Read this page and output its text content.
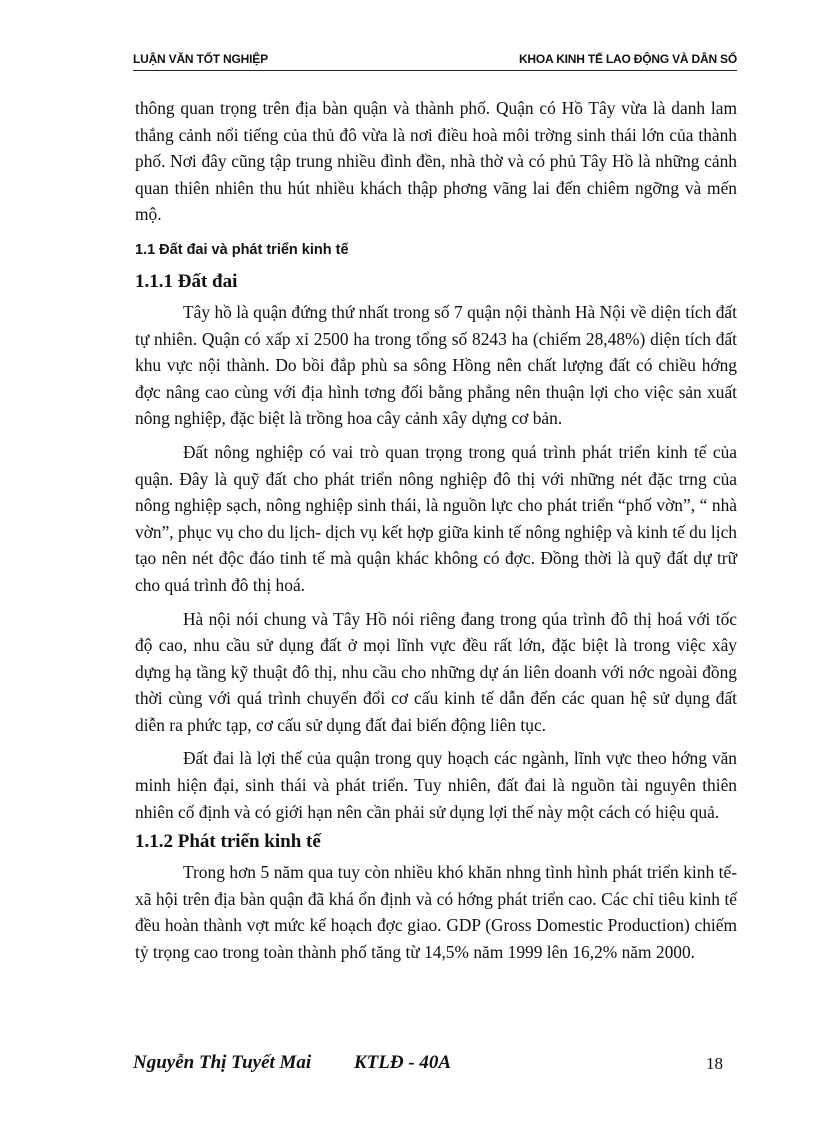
LUẬN VĂN TỐT NGHIỆP	KHOA KINH TẾ LAO ĐỘNG VÀ DÂN SỐ

thông quan trọng trên địa bàn quận và thành phố. Quận có Hồ Tây vừa là danh lam thắng cảnh nổi tiếng của thủ đô vừa là nơi điều hoà môi trờng sinh thái lớn của thành phố. Nơi đây cũng tập trung nhiều đình đền, nhà thờ và có phủ Tây Hồ là những cảnh quan thiên nhiên thu hút nhiều khách thập phơng vãng lai đến chiêm ngỡng và mến mộ.

1.1 Đất đai và phát triển kinh tế
1.1.1 Đất đai

Tây hồ là quận đứng thứ nhất trong số 7 quận nội thành Hà Nội về diện tích đất tự nhiên. Quận có xấp xỉ 2500 ha trong tổng số 8243 ha (chiếm 28,48%) diện tích đất khu vực nội thành. Do bồi đắp phù sa sông Hồng nên chất lượng đất có chiều hớng đợc nâng cao cùng với địa hình tơng đối bằng phẳng nên thuận lợi cho việc sản xuất nông nghiệp, đặc biệt là trồng hoa cây cảnh xây dựng cơ bản.

Đất nông nghiệp có vai trò quan trọng trong quá trình phát triển kinh tế của quận. Đây là quỹ đất cho phát triển nông nghiệp đô thị với những nét đặc trng của nông nghiệp sạch, nông nghiệp sinh thái, là nguồn lực cho phát triển “phố vờn”, “ nhà vờn”, phục vụ cho du lịch- dịch vụ kết hợp giữa kinh tế nông nghiệp và kinh tế du lịch tạo nên nét độc đáo tinh tế mà quận khác không có đợc. Đồng thời là quỹ đất dự trữ cho quá trình đô thị hoá.

Hà nội nói chung và Tây Hồ nói riêng đang trong qúa trình đô thị hoá với tốc độ cao, nhu cầu sử dụng đất ở mọi lĩnh vực đều rất lớn, đặc biệt là trong việc xây dựng hạ tầng kỹ thuật đô thị, nhu cầu cho những dự án liên doanh với nớc ngoài đồng thời cùng với quá trình chuyển đổi cơ cấu kinh tế dẫn đến các quan hệ sử dụng đất diễn ra phức tạp, cơ cấu sử dụng đất đai biến động liên tục.

Đất đai là lợi thế của quận trong quy hoạch các ngành, lĩnh vực theo hớng văn minh hiện đại, sinh thái và phát triển. Tuy nhiên, đất đai là nguồn tài nguyên thiên nhiên cố định và có giới hạn nên cần phải sử dụng lợi thế này một cách có hiệu quả.

1.1.2 Phát triển kinh tế

Trong hơn 5 năm qua tuy còn nhiều khó khăn nhng tình hình phát triển kinh tế- xã hội trên địa bàn quận đã khá ổn định và có hớng phát triển cao. Các chỉ tiêu kinh tế đều hoàn thành vợt mức kế hoạch đợc giao. GDP (Gross Domestic Production) chiếm tỷ trọng cao trong toàn thành phố tăng từ 14,5% năm 1999 lên 16,2% năm 2000.

Nguyễn Thị Tuyết Mai KTLĐ - 40A	18
